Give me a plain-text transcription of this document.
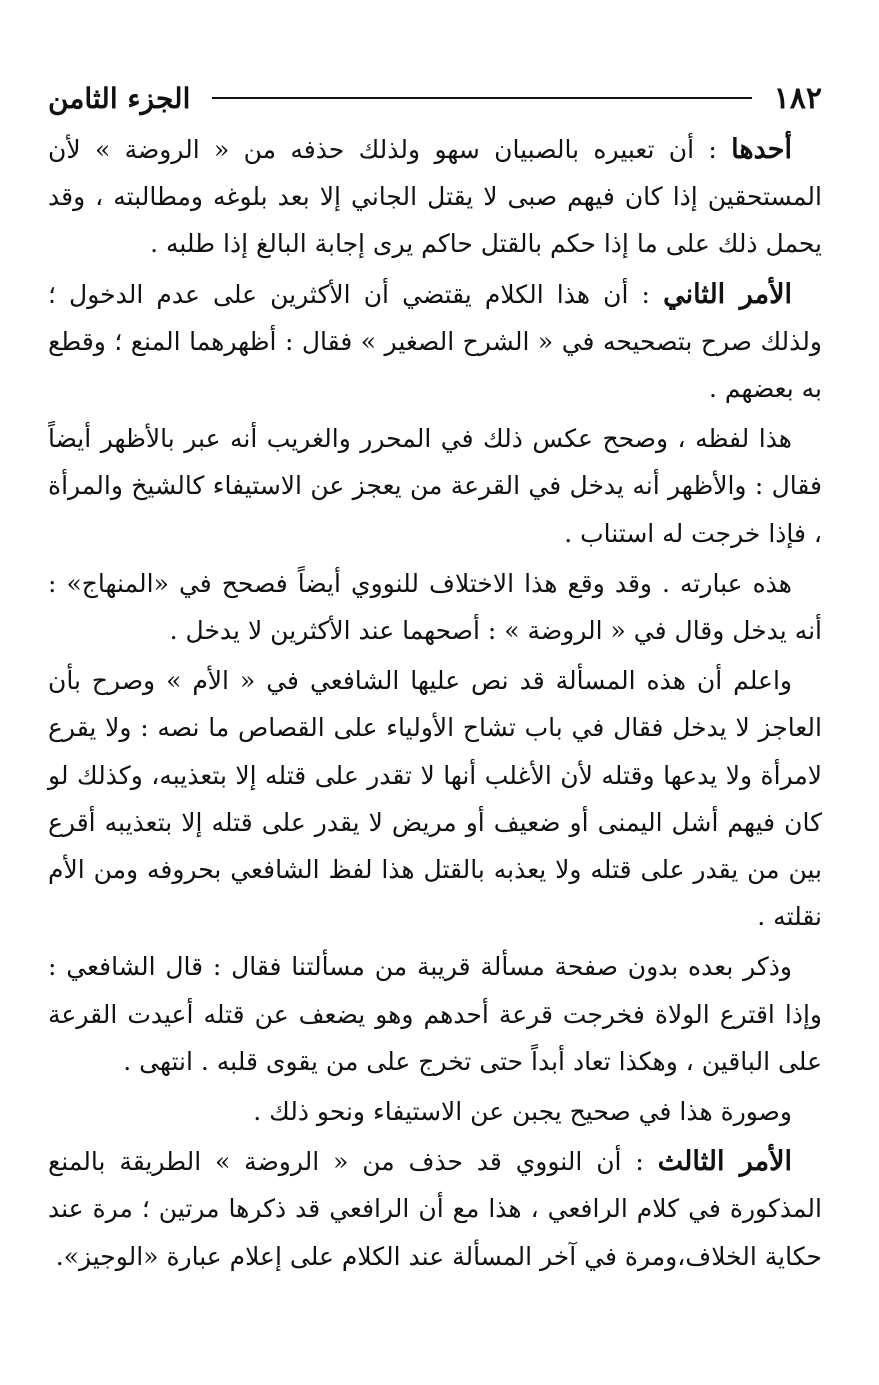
١٨٢
الجزء الثامن

أحدها : أن تعبيره بالصبيان سهو ولذلك حذفه من « الروضة » لأن المستحقين إذا كان فيهم صبى لا يقتل الجاني إلا بعد بلوغه ومطالبته ، وقد يحمل ذلك على ما إذا حكم بالقتل حاكم يرى إجابة البالغ إذا طلبه .

الأمر الثاني : أن هذا الكلام يقتضي أن الأكثرين على عدم الدخول ؛ ولذلك صرح بتصحيحه في « الشرح الصغير » فقال : أظهرهما المنع ؛ وقطع به بعضهم .

هذا لفظه ، وصحح عكس ذلك في المحرر والغريب أنه عبر بالأظهر أيضاً فقال : والأظهر أنه يدخل في القرعة من يعجز عن الاستيفاء كالشيخ والمرأة ، فإذا خرجت له استناب .

هذه عبارته . وقد وقع هذا الاختلاف للنووي أيضاً فصحح في «المنهاج» : أنه يدخل وقال في « الروضة » : أصحهما عند الأكثرين لا يدخل .

واعلم أن هذه المسألة قد نص عليها الشافعي في « الأم » وصرح بأن العاجز لا يدخل فقال في باب تشاح الأولياء على القصاص ما نصه : ولا يقرع لامرأة ولا يدعها وقتله لأن الأغلب أنها لا تقدر على قتله إلا بتعذيبه، وكذلك لو كان فيهم أشل اليمنى أو ضعيف أو مريض لا يقدر على قتله إلا بتعذيبه أقرع بين من يقدر على قتله ولا يعذبه بالقتل هذا لفظ الشافعي بحروفه ومن الأم نقلته .

وذكر بعده بدون صفحة مسألة قريبة من مسألتنا فقال : قال الشافعي : وإذا اقترع الولاة فخرجت قرعة أحدهم وهو يضعف عن قتله أعيدت القرعة على الباقين ، وهكذا تعاد أبداً حتى تخرج على من يقوى قلبه . انتهى .

وصورة هذا في صحيح يجبن عن الاستيفاء ونحو ذلك .

الأمر الثالث : أن النووي قد حذف من « الروضة » الطريقة بالمنع المذكورة في كلام الرافعي ، هذا مع أن الرافعي قد ذكرها مرتين ؛ مرة عند حكاية الخلاف،ومرة في آخر المسألة عند الكلام على إعلام عبارة «الوجيز».
